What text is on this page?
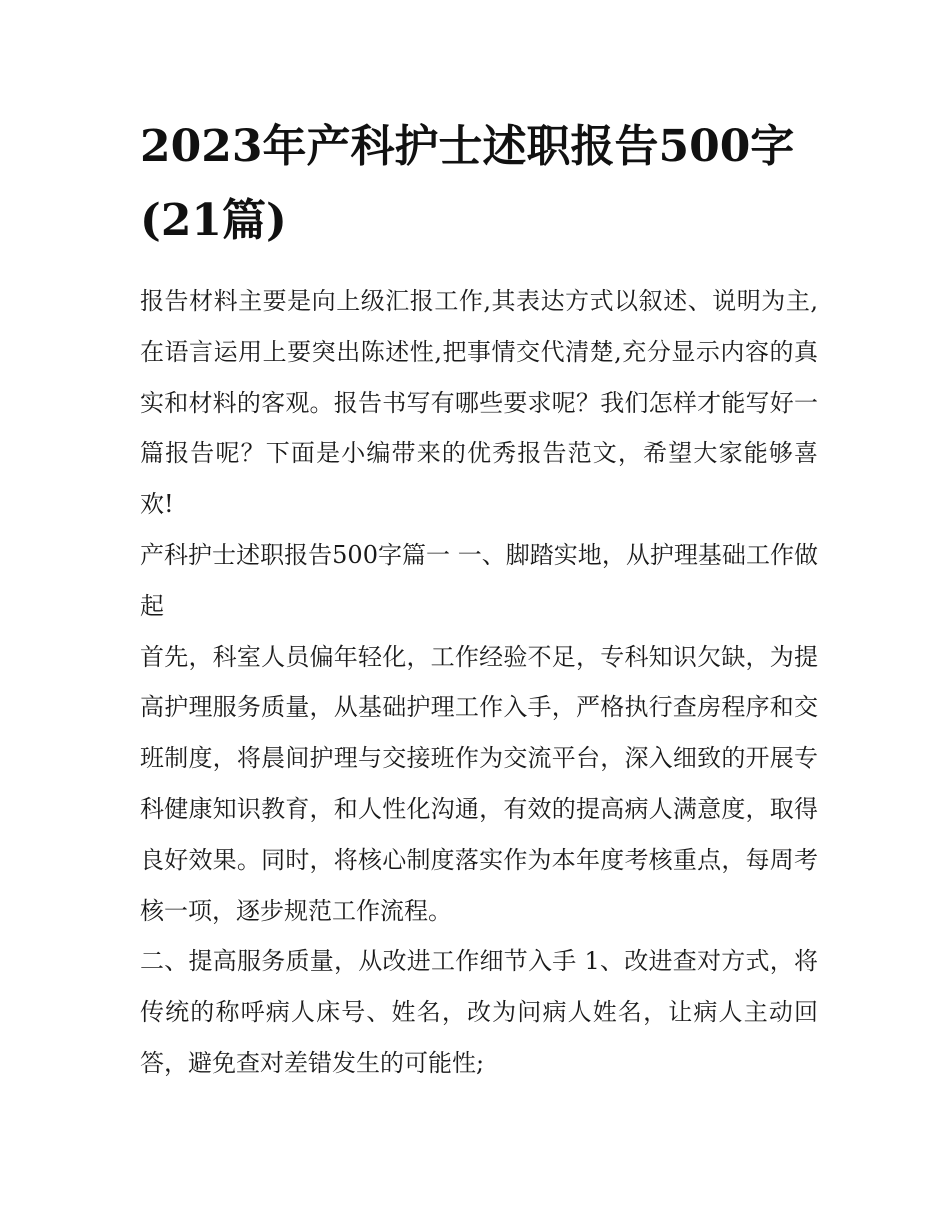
2023年产科护士述职报告500字(21篇)

报告材料主要是向上级汇报工作,其表达方式以叙述、说明为主,在语言运用上要突出陈述性,把事情交代清楚,充分显示内容的真实和材料的客观。报告书写有哪些要求呢？我们怎样才能写好一篇报告呢？下面是小编带来的优秀报告范文，希望大家能够喜欢!

产科护士述职报告500字篇一 一、脚踏实地，从护理基础工作做起

首先，科室人员偏年轻化，工作经验不足，专科知识欠缺，为提高护理服务质量，从基础护理工作入手，严格执行查房程序和交班制度，将晨间护理与交接班作为交流平台，深入细致的开展专科健康知识教育，和人性化沟通，有效的提高病人满意度，取得良好效果。同时，将核心制度落实作为本年度考核重点，每周考核一项，逐步规范工作流程。

二、提高服务质量，从改进工作细节入手 1、改进查对方式，将传统的称呼病人床号、姓名，改为问病人姓名，让病人主动回答，避免查对差错发生的可能性;
